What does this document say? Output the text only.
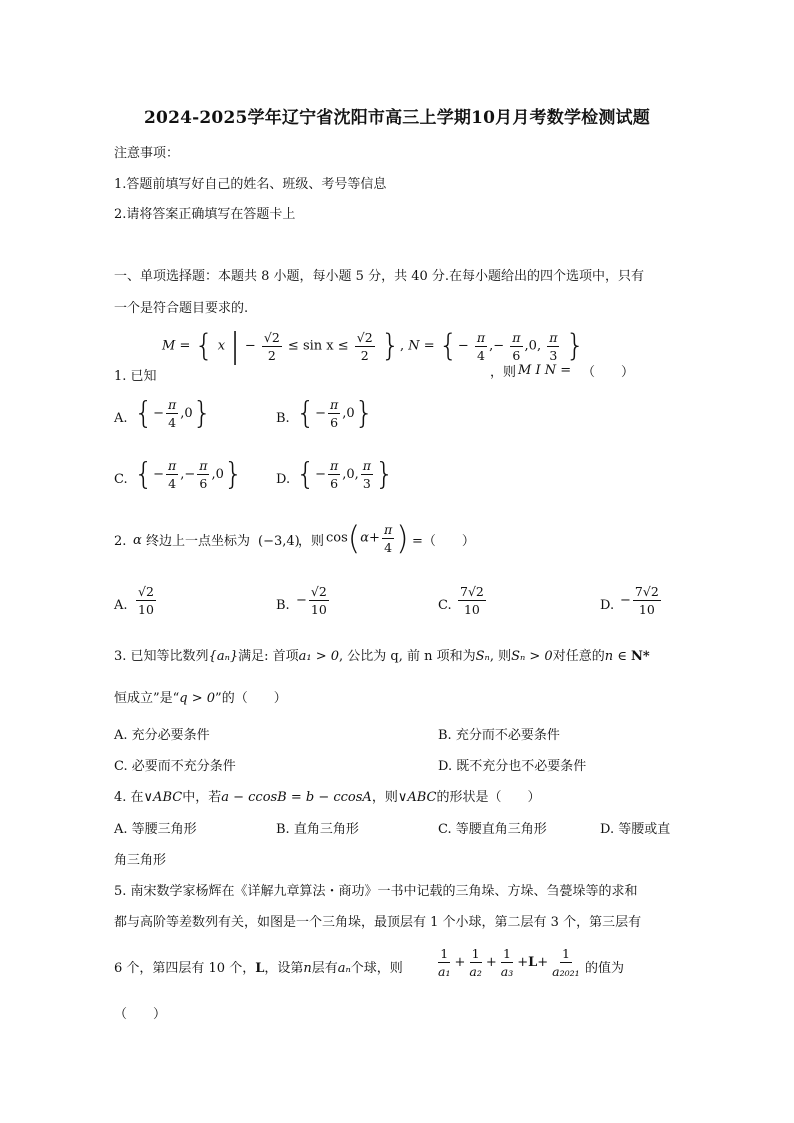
2024-2025学年辽宁省沈阳市高三上学期10月月考数学检测试题
注意事项：
1.答题前填写好自己的姓名、班级、考号等信息
2.请将答案正确填写在答题卡上
一、单项选择题：本题共 8 小题，每小题 5 分，共 40 分.在每小题给出的四个选项中，只有
一个是符合题目要求的.
M = { x | − $\frac{√2}{2} \le \sin x \le \frac{√2}{2}$ }, N = {− $\frac{\pi}{4}$ ,− $\frac{\pi}{6} ,0$, $\frac{\pi}{3}$ }
1. 已知	，则 M I N = （　　）
A. {− $\frac{\pi}{4} ,0$}	B. {− $\frac{\pi}{6} ,0$}
C. {− $\frac{\pi}{4}$ ,− $\frac{\pi}{6} ,0$}	D. {− $\frac{\pi}{6} ,0$, $\frac{\pi}{3}$ }
2. α 终边上一点坐标为 (−3,4)
，则 $\cos(\alpha+ \frac{\pi}{4}$ ) =（　　）
A. $\frac{√2}{10}$	B. − $\frac{√2}{10}$	C. $\frac{7√2}{10}$	D. − $\frac{7√2}{10}$
3. 已知等比数列{aₙ}满足: 首项a₁ > 0, 公比为 q, 前 n 项和为Sₙ, 则Sₙ > 0对任意的n ∈ N*
恒成立”是“q > 0”的（　　）
A. 充分必要条件	B. 充分而不必要条件
C. 必要而不充分条件	D. 既不充分也不必要条件
4. 在∨ABC中，若a − ccosB = b − ccosA，则∨ABC的形状是（　　）
A. 等腰三角形	B. 直角三角形	C. 等腰直角三角形	D. 等腰或直
角三角形
5. 南宋数学家杨辉在《详解九章算法・商功》一书中记载的三角垛、方垛、刍甍垛等的求和
都与高阶等差数列有关，如图是一个三角垛，最顶层有 1 个小球，第二层有 3 个，第三层有
6 个，第四层有 10 个，L，设第n层有aₙ个球，则	$\frac{1}{\text{a₁}} + \frac{1}{\text{a₂}} + \frac{1}{\text{a₃}} +L+ \frac{1}{\text{a₂₀₂₁}}$ 的值为
（　　）
